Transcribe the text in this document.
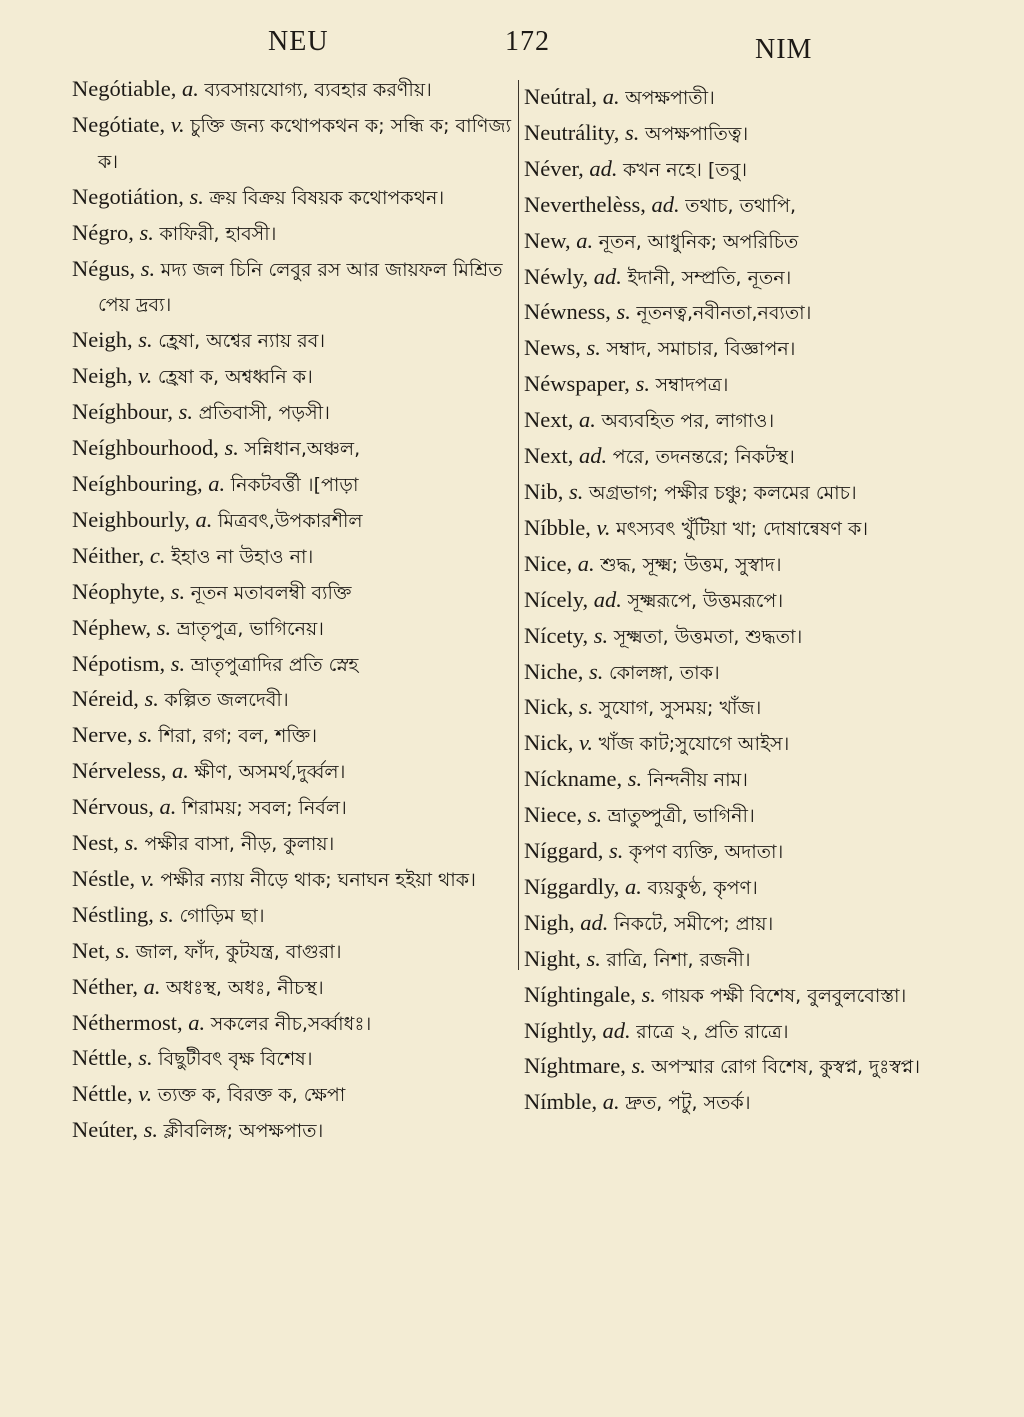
NEU	172	NIM
Negótiable, a. ব্যবসায়যোগ্য, ব্যবহার করণীয়।
Negótiate, v. চুক্তি জন্য কথোপকথন ক; সন্ধি ক; বাণিজ্য ক।
Negotiátion, s. ক্রয় বিক্রয় বিষয়ক কথোপকথন।
Négro, s. কাফিরী, হাবসী।
Négus, s. মদ্য জল চিনি লেবুর রস আর জায়ফল মিশ্রিত পেয় দ্রব্য।
Neigh, s. হ্রেষা, অশ্বের ন্যায় রব।
Neigh, v. হ্রেষা ক, অশ্বধ্বনি ক।
Neíghbour, s. প্রতিবাসী, পড়সী।
Neíghbourhood, s. সন্নিধান,অঞ্চল,
Neíghbouring, a. নিকটবর্ত্তী ।[পাড়া
Neighbourly, a. মিত্রবৎ,উপকারশীল
Néither, c. ইহাও না উহাও না।
Néophyte, s. নূতন মতাবলম্বী ব্যক্তি
Néphew, s. ভ্রাতৃপুত্র, ভাগিনেয়।
Népotism, s. ভ্রাতৃপুত্রাদির প্রতি স্নেহ
Néreid, s. কল্পিত জলদেবী।
Nerve, s. শিরা, রগ; বল, শক্তি।
Nérveless, a. ক্ষীণ, অসমর্থ,দুর্ব্বল।
Nérvous, a. শিরাময়; সবল; নির্বল।
Nest, s. পক্ষীর বাসা, নীড়, কুলায়।
Néstle, v. পক্ষীর ন্যায় নীড়ে থাক; ঘনাঘন হইয়া থাক।
Néstling, s. গোড়িম ছা।
Net, s. জাল, ফাঁদ, কুটযন্ত্র, বাগুরা।
Néther, a. অধঃস্থ, অধঃ, নীচস্থ।
Néthermost, a. সকলের নীচ,সর্ব্বাধঃ।
Néttle, s. বিছুটীবৎ বৃক্ষ বিশেষ।
Néttle, v. ত্যক্ত ক, বিরক্ত ক, ক্ষেপা
Neúter, s. ক্লীবলিঙ্গ; অপক্ষপাত।
Neútral, a. অপক্ষপাতী।
Neutrálity, s. অপক্ষপাতিত্ব।
Néver, ad. কখন নহে। [তবু।
Neverthelèss, ad. তথাচ, তথাপি,
New, a. নূতন, আধুনিক; অপরিচিত
Néwly, ad. ইদানী, সম্প্রতি, নূতন।
Néwness, s. নূতনত্ব,নবীনতা,নব্যতা।
News, s. সম্বাদ, সমাচার, বিজ্ঞাপন।
Néwspaper, s. সম্বাদপত্র।
Next, a. অব্যবহিত পর, লাগাও।
Next, ad. পরে, তদনন্তরে; নিকটস্থ।
Nib, s. অগ্রভাগ; পক্ষীর চঞ্চু; কলমের মোচ।
Níbble, v. মৎস্যবৎ খুঁটিয়া খা; দোষান্বেষণ ক।
Nice, a. শুদ্ধ, সূক্ষ্ম; উত্তম, সুস্বাদ।
Nícely, ad. সূক্ষ্মরূপে, উত্তমরূপে।
Nícety, s. সূক্ষ্মতা, উত্তমতা, শুদ্ধতা।
Niche, s. কোলঙ্গা, তাক।
Nick, s. সুযোগ, সুসময়; খাঁজ।
Nick, v. খাঁজ কাট;সুযোগে আইস।
Níckname, s. নিন্দনীয় নাম।
Niece, s. ভ্রাতুষ্পুত্রী, ভাগিনী।
Níggard, s. কৃপণ ব্যক্তি, অদাতা।
Níggardly, a. ব্যয়কুণ্ঠ, কৃপণ।
Nigh, ad. নিকটে, সমীপে; প্রায়।
Night, s. রাত্রি, নিশা, রজনী।
Níghtingale, s. গায়ক পক্ষী বিশেষ, বুলবুলবোস্তা।
Níghtly, ad. রাত্রে ২, প্রতি রাত্রে।
Níghtmare, s. অপস্মার রোগ বিশেষ, কুস্বপ্ন, দুঃস্বপ্ন।
Nímble, a. দ্রুত, পটু, সতর্ক।
